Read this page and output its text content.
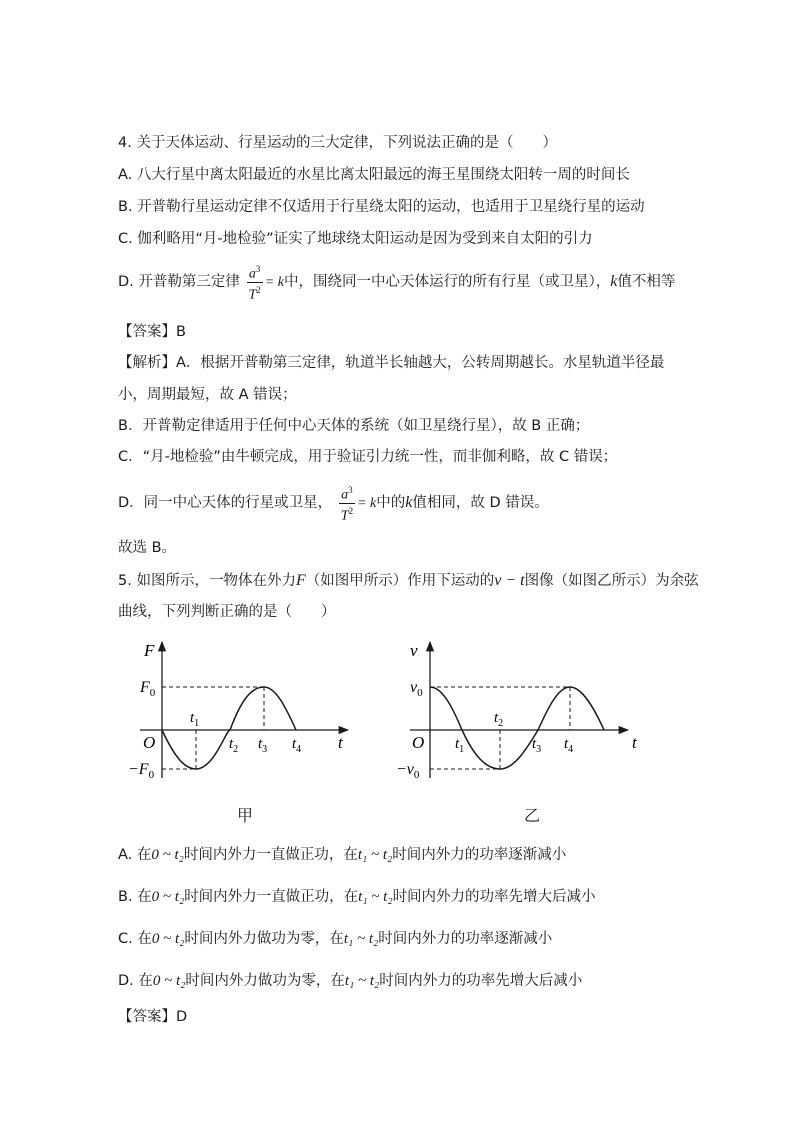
4. 关于天体运动、行星运动的三大定律，下列说法正确的是（　　）
A. 八大行星中离太阳最近的水星比离太阳最远的海王星围绕太阳转一周的时间长
B. 开普勒行星运动定律不仅适用于行星绕太阳的运动，也适用于卫星绕行星的运动
C. 伽利略用“月-地检验”证实了地球绕太阳运动是因为受到来自太阳的引力
D. 开普勒第三定律 $\frac{a^3}{T^2} = k$中，围绕同一中心天体运行的所有行星（或卫星），k值不相等
【答案】B
【解析】A．根据开普勒第三定律，轨道半长轴越大，公转周期越长。水星轨道半径最
小，周期最短，故 A 错误；
B．开普勒定律适用于任何中心天体的系统（如卫星绕行星），故 B 正确；
C．“月-地检验”由牛顿完成，用于验证引力统一性，而非伽利略，故 C 错误；
D．同一中心天体的行星或卫星， $\frac{a^3}{T^2} = k$中的k值相同，故 D 错误。
故选 B。
5. 如图所示，一物体在外力F（如图甲所示）作用下运动的v − t图像（如图乙所示）为余弦
曲线，下列判断正确的是（　　）
F
t
O
$F_0$
$-F_0$
$t_1$
$t_2$ $t_3$ $t_4$
甲
v
t
O
$v_0$
$-v_0$
$t_1$
$t_2$
$t_3$ $t_4$
乙
A. 在0 ~ t₂时间内外力一直做正功，在t₁ ~ t₂时间内外力的功率逐渐减小
B. 在0 ~ t₂时间内外力一直做正功，在t₁ ~ t₂时间内外力的功率先增大后减小
C. 在0 ~ t₂时间内外力做功为零，在t₁ ~ t₂时间内外力的功率逐渐减小
D. 在0 ~ t₂时间内外力做功为零，在t₁ ~ t₂时间内外力的功率先增大后减小
【答案】D
